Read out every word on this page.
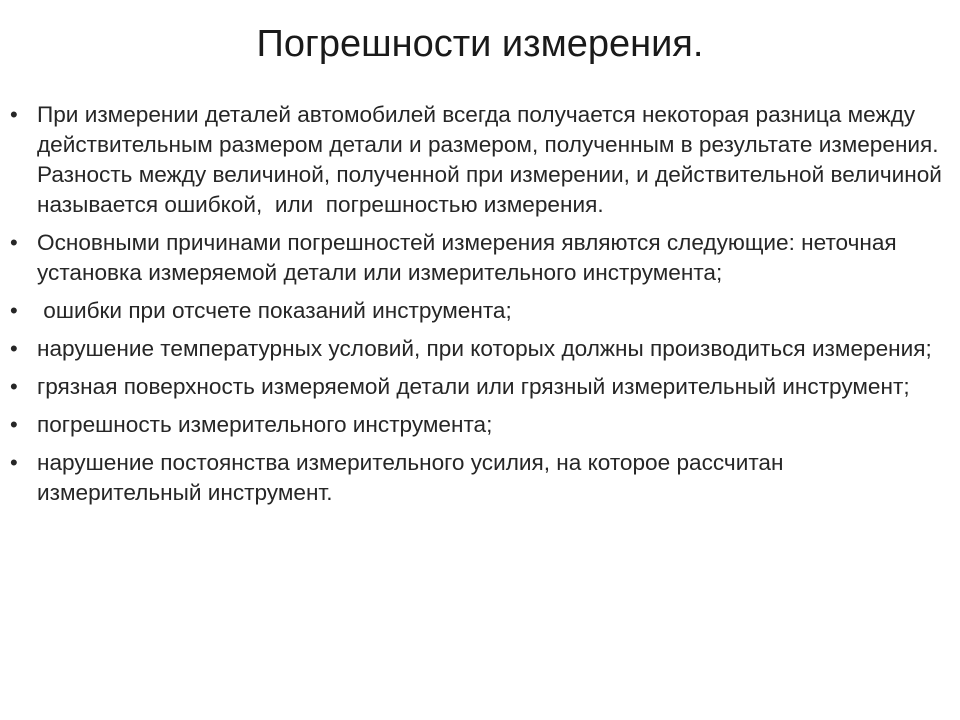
Погрешности измерения.
• При измерении деталей автомобилей всегда получается некоторая разница между действительным размером детали и размером, полученным в результате измерения. Разность между величиной, полученной при измерении, и действительной величиной называется ошибкой,  или  погрешностью измерения.
• Основными причинами погрешностей измерения являются следующие: неточная установка измеряемой детали или измерительного инструмента;
• ошибки при отсчете показаний инструмента;
• нарушение температурных условий, при которых должны производиться измерения;
• грязная поверхность измеряемой детали или грязный измерительный инструмент;
• погрешность измерительного инструмента;
• нарушение постоянства измерительного усилия, на которое рассчитан измерительный инструмент.
